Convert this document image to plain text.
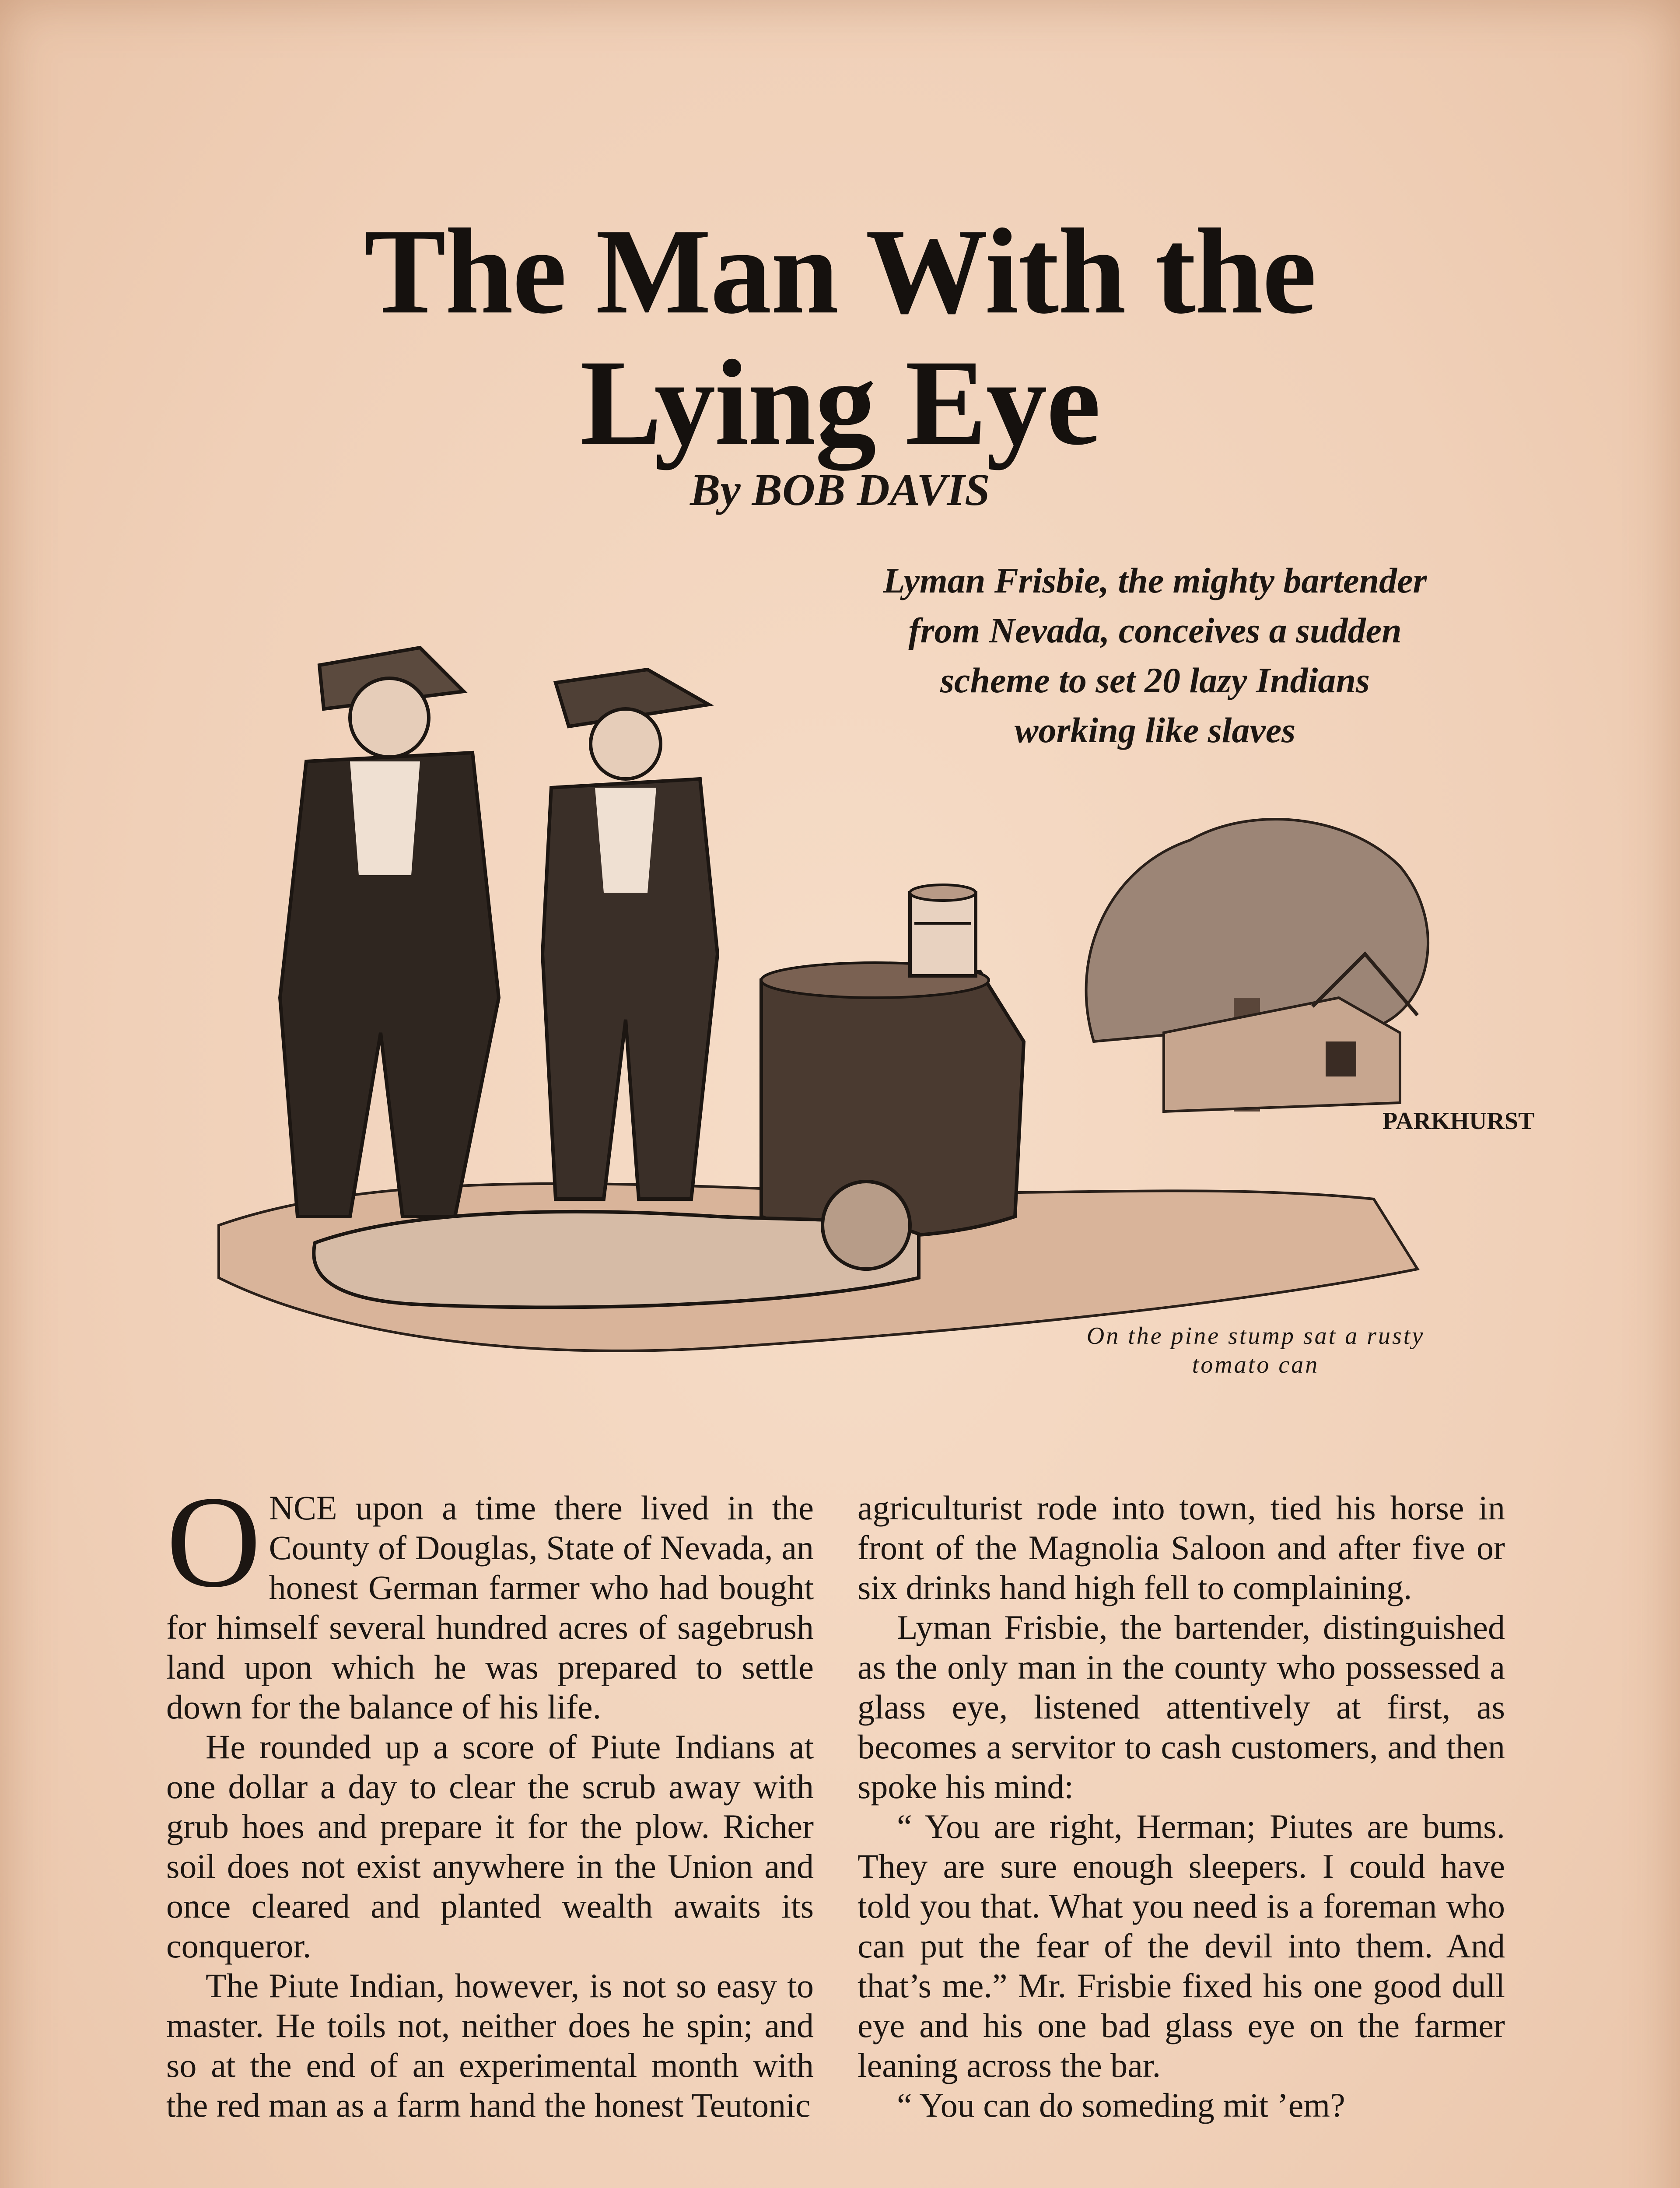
The Man With the
Lying Eye
By BOB DAVIS
Lyman Frisbie, the mighty bartender
from Nevada, conceives a sudden
scheme to set 20 lazy Indians
working like slaves
PARKHURST
On the pine stump sat a rusty
tomato can

ONCE upon a time there lived in the County of Douglas, State of Nevada, an honest German farmer who had bought for himself several hundred acres of sagebrush land upon which he was prepared to settle down for the balance of his life.

He rounded up a score of Piute Indians at one dollar a day to clear the scrub away with grub hoes and prepare it for the plow. Richer soil does not exist anywhere in the Union and once cleared and planted wealth awaits its conqueror.

The Piute Indian, however, is not so easy to master. He toils not, neither does he spin; and so at the end of an experimental month with the red man as a farm hand the honest Teutonic

agriculturist rode into town, tied his horse in front of the Magnolia Saloon and after five or six drinks hand high fell to complaining.

Lyman Frisbie, the bartender, distinguished as the only man in the county who possessed a glass eye, listened attentively at first, as becomes a servitor to cash customers, and then spoke his mind:

“ You are right, Herman; Piutes are bums. They are sure enough sleepers. I could have told you that. What you need is a foreman who can put the fear of the devil into them. And that’s me.” Mr. Frisbie fixed his one good dull eye and his one bad glass eye on the farmer leaning across the bar.

“ You can do someding mit ’em?
